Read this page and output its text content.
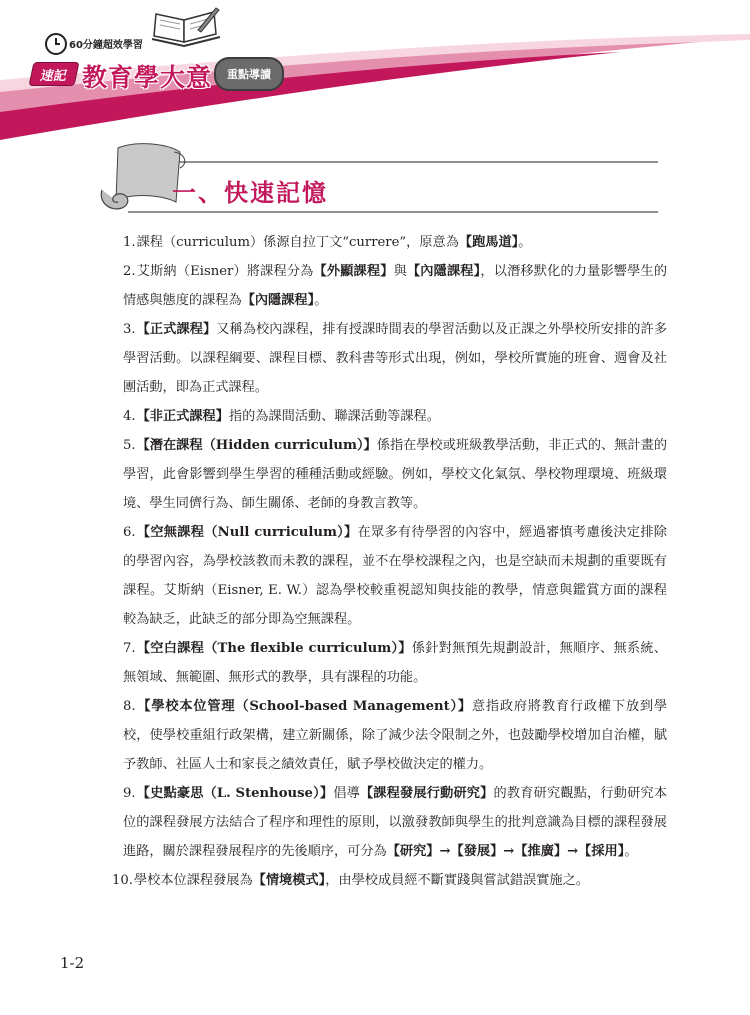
60分鐘超效學習
速記 教育學大意	重點導讀
一、快速記憶
1.課程（curriculum）係源自拉丁文“currere”，原意為【跑馬道】。
2.艾斯納（Eisner）將課程分為【外顯課程】與【內隱課程】，以潛移默化的力量影響學生的情感與態度的課程為【內隱課程】。
3.【正式課程】又稱為校內課程，排有授課時間表的學習活動以及正課之外學校所安排的許多學習活動。以課程綱要、課程目標、教科書等形式出現，例如，學校所實施的班會、週會及社團活動，即為正式課程。
4.【非正式課程】指的為課間活動、聯課活動等課程。
5.【潛在課程（Hidden curriculum）】係指在學校或班級教學活動，非正式的、無計畫的學習，此會影響到學生學習的種種活動或經驗。例如，學校文化氣氛、學校物理環境、班級環境、學生同儕行為、師生關係、老師的身教言教等。
6.【空無課程（Null curriculum）】在眾多有待學習的內容中，經過審慎考慮後決定排除的學習內容，為學校該教而未教的課程，並不在學校課程之內，也是空缺而未規劃的重要既有課程。艾斯納（Eisner, E. W.）認為學校較重視認知與技能的教學，情意與鑑賞方面的課程較為缺乏，此缺乏的部分即為空無課程。
7.【空白課程（The flexible curriculum）】係針對無預先規劃設計，無順序、無系統、無領域、無範圍、無形式的教學，具有課程的功能。
8.【學校本位管理（School-based Management）】意指政府將教育行政權下放到學校，使學校重組行政架構，建立新關係，除了減少法令限制之外，也鼓勵學校增加自治權，賦予教師、社區人士和家長之績效責任，賦予學校做決定的權力。
9.【史點豪思（L. Stenhouse）】倡導【課程發展行動研究】的教育研究觀點，行動研究本位的課程發展方法結合了程序和理性的原則，以激發教師與學生的批判意識為目標的課程發展進路，關於課程發展程序的先後順序，可分為【研究】→【發展】→【推廣】→【採用】。
10.學校本位課程發展為【情境模式】，由學校成員經不斷實踐與嘗試錯誤實施之。
1-2
